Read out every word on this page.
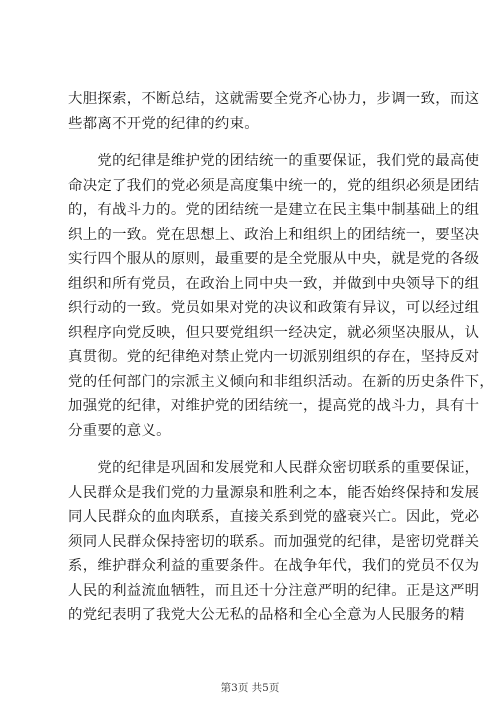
大胆探索，不断总结，这就需要全党齐心协力，步调一致，而这
些都离不开党的纪律的约束。
　　党的纪律是维护党的团结统一的重要保证，我们党的最高使
命决定了我们的党必须是高度集中统一的，党的组织必须是团结
的，有战斗力的。党的团结统一是建立在民主集中制基础上的组
织上的一致。党在思想上、政治上和组织上的团结统一，要坚决
实行四个服从的原则，最重要的是全党服从中央，就是党的各级
组织和所有党员，在政治上同中央一致，并做到中央领导下的组
织行动的一致。党员如果对党的决议和政策有异议，可以经过组
织程序向党反映，但只要党组织一经决定，就必须坚决服从，认
真贯彻。党的纪律绝对禁止党内一切派别组织的存在，坚持反对
党的任何部门的宗派主义倾向和非组织活动。在新的历史条件下，
加强党的纪律，对维护党的团结统一，提高党的战斗力，具有十
分重要的意义。
　　党的纪律是巩固和发展党和人民群众密切联系的重要保证，
人民群众是我们党的力量源泉和胜利之本，能否始终保持和发展
同人民群众的血肉联系，直接关系到党的盛衰兴亡。因此，党必
须同人民群众保持密切的联系。而加强党的纪律，是密切党群关
系，维护群众利益的重要条件。在战争年代，我们的党员不仅为
人民的利益流血牺牲，而且还十分注意严明的纪律。正是这严明
的党纪表明了我党大公无私的品格和全心全意为人民服务的精
第3页 共5页
